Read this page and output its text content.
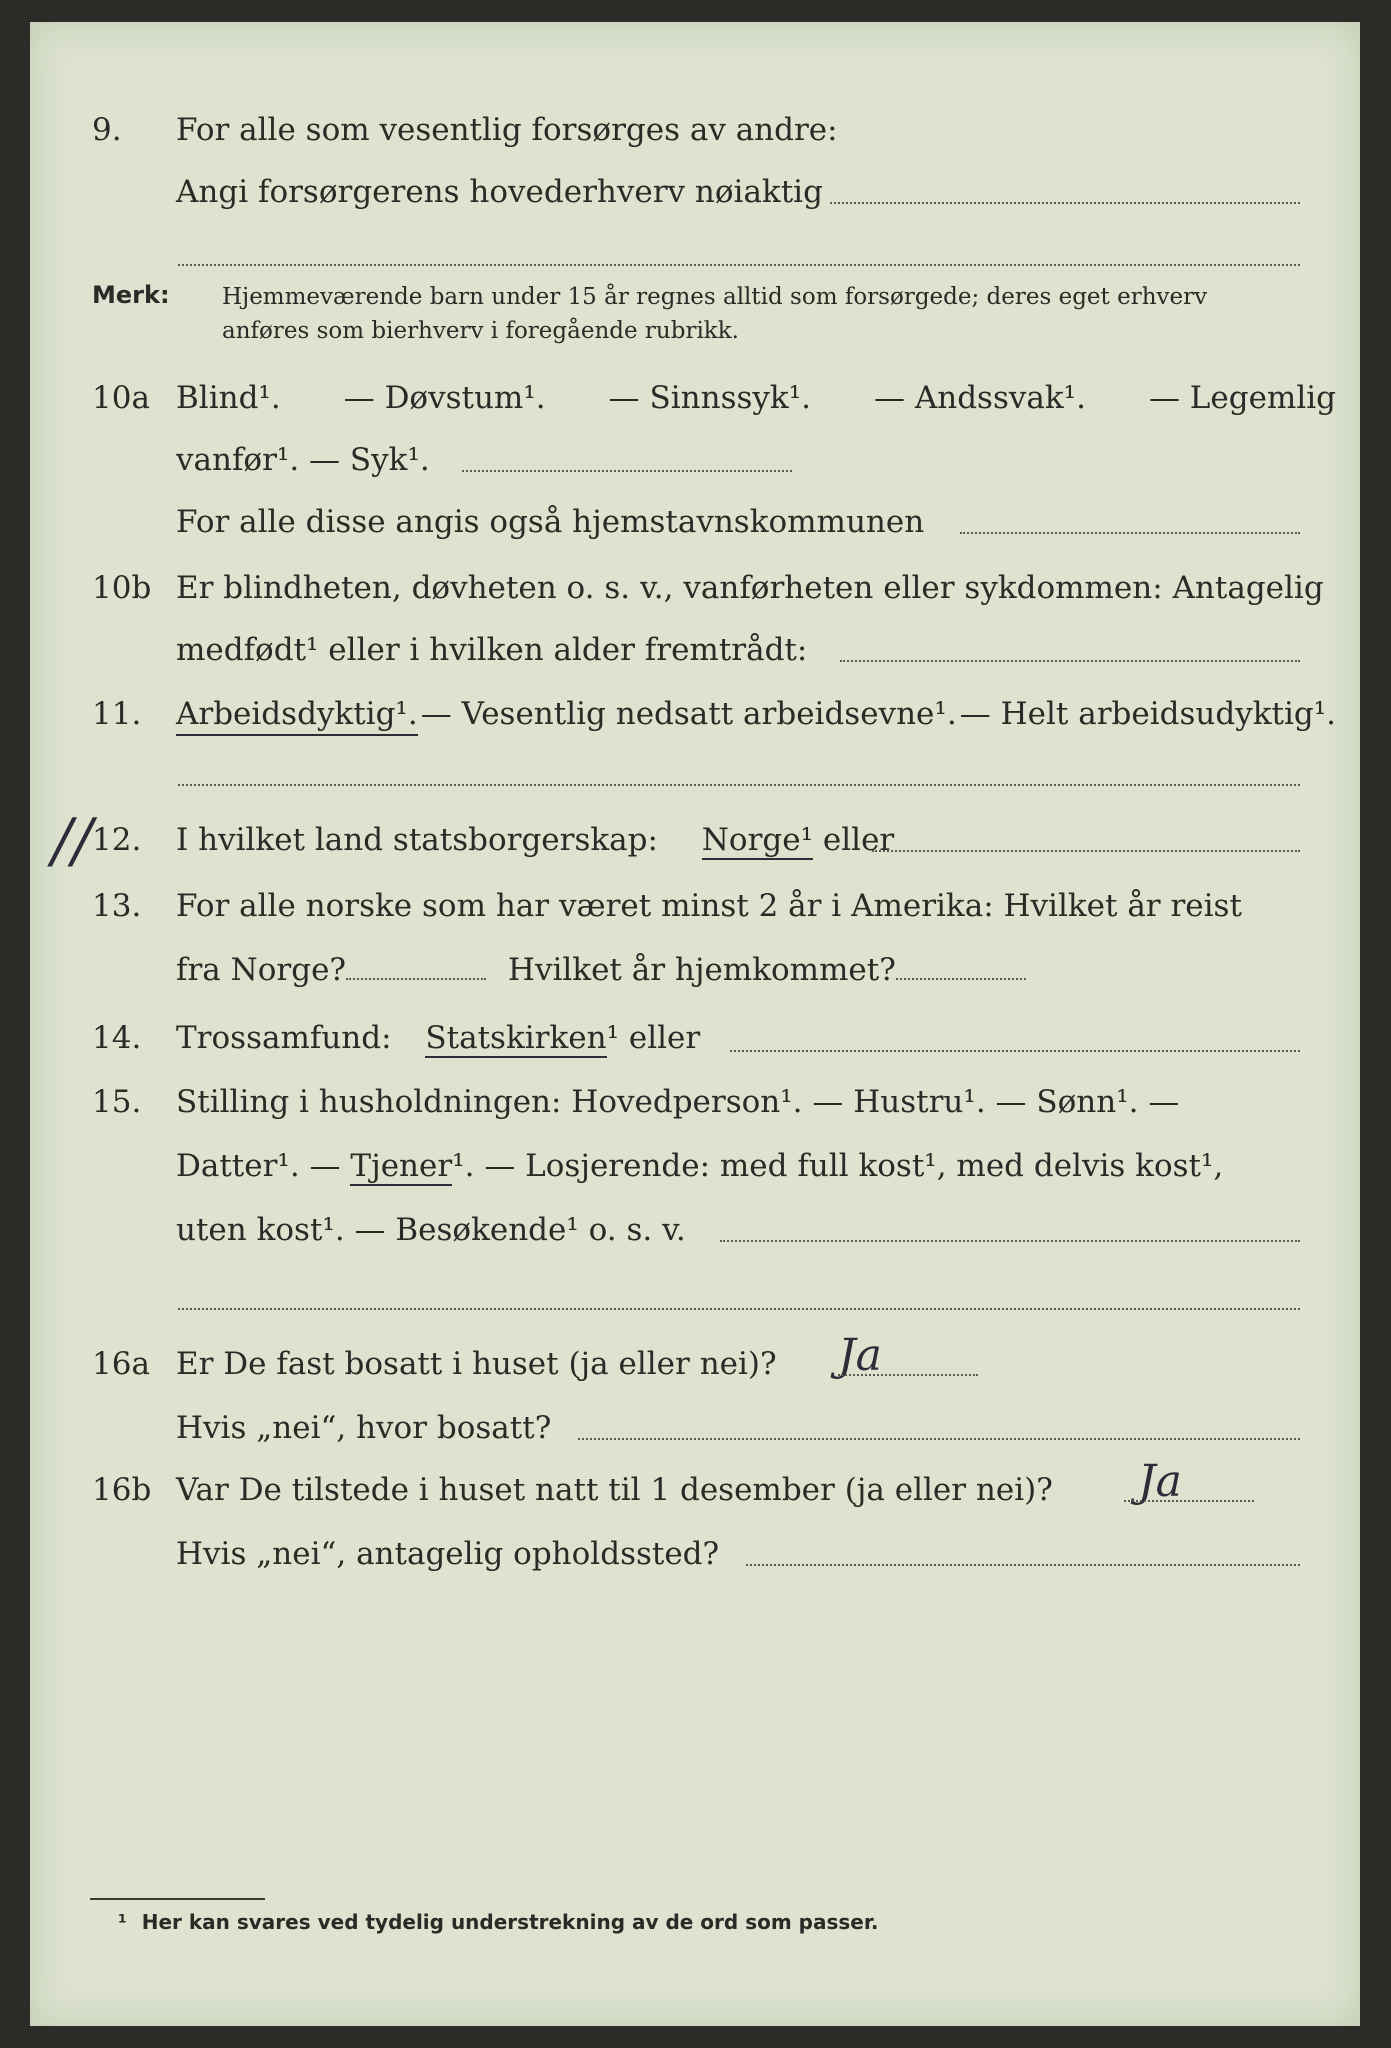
9. For alle som vesentlig forsørges av andre:
Angi forsørgerens hovederhverv nøiaktig
Merk: Hjemmeværende barn under 15 år regnes alltid som forsørgede; deres eget erhverv
anføres som bierhverv i foregående rubrikk.
10a Blind¹. — Døvstum¹. — Sinnssyk¹. — Andssvak¹. — Legemlig
vanfør¹. — Syk¹.
For alle disse angis også hjemstavnskommunen
10b Er blindheten, døvheten o. s. v., vanførheten eller sykdommen: Antagelig
medfødt¹ eller i hvilken alder fremtrådt:
11. Arbeidsdyktig¹. — Vesentlig nedsatt arbeidsevne¹. — Helt arbeidsudyktig¹.
// 12. I hvilket land statsborgerskap: Norge¹ eller
13. For alle norske som har været minst 2 år i Amerika: Hvilket år reist
fra Norge?	Hvilket år hjemkommet?
14. Trossamfund: Statskirken¹ eller
15. Stilling i husholdningen: Hovedperson¹. — Hustru¹. — Sønn¹. —
Datter¹. — Tjener¹. — Losjerende: med full kost¹, med delvis kost¹,
uten kost¹. — Besøkende¹ o. s. v.
16a Er De fast bosatt i huset (ja eller nei)? Ja
Hvis „nei“, hvor bosatt?
16b Var De tilstede i huset natt til 1 desember (ja eller nei)? Ja
Hvis „nei“, antagelig opholdssted?
¹ Her kan svares ved tydelig understrekning av de ord som passer.
